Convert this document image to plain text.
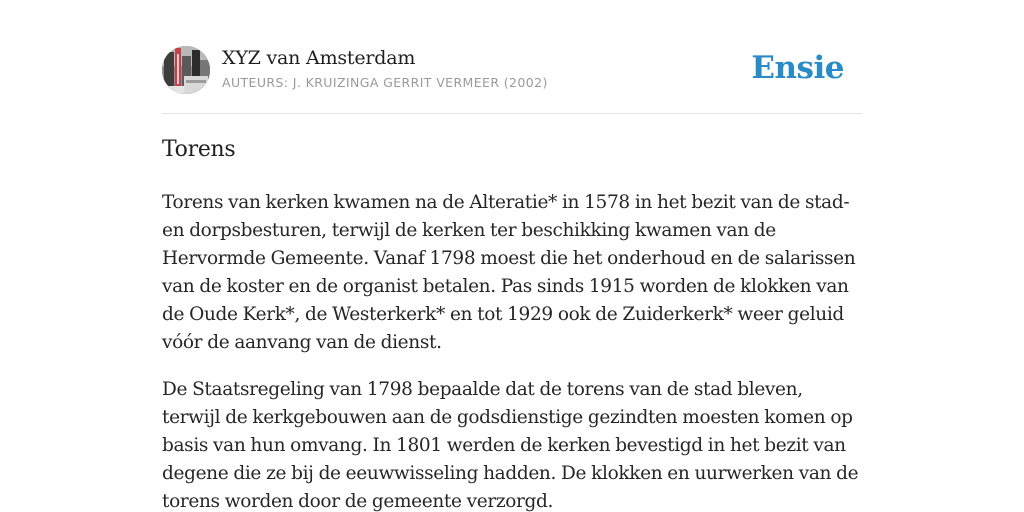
XYZ van Amsterdam
AUTEURS: J. KRUIZINGA GERRIT VERMEER (2002)	Ensie
Torens

Torens van kerken kwamen na de Alteratie* in 1578 in het bezit van de stad- en dorpsbesturen, terwijl de kerken ter beschikking kwamen van de Hervormde Gemeente. Vanaf 1798 moest die het onderhoud en de salarissen van de koster en de organist betalen. Pas sinds 1915 worden de klokken van de Oude Kerk*, de Westerkerk* en tot 1929 ook de Zuiderkerk* weer geluid vóór de aanvang van de dienst.

De Staatsregeling van 1798 bepaalde dat de torens van de stad bleven, terwijl de kerkgebouwen aan de godsdienstige gezindten moesten komen op basis van hun omvang. In 1801 werden de kerken bevestigd in het bezit van degene die ze bij de eeuwwisseling hadden. De klokken en uurwerken van de torens worden door de gemeente verzorgd.
